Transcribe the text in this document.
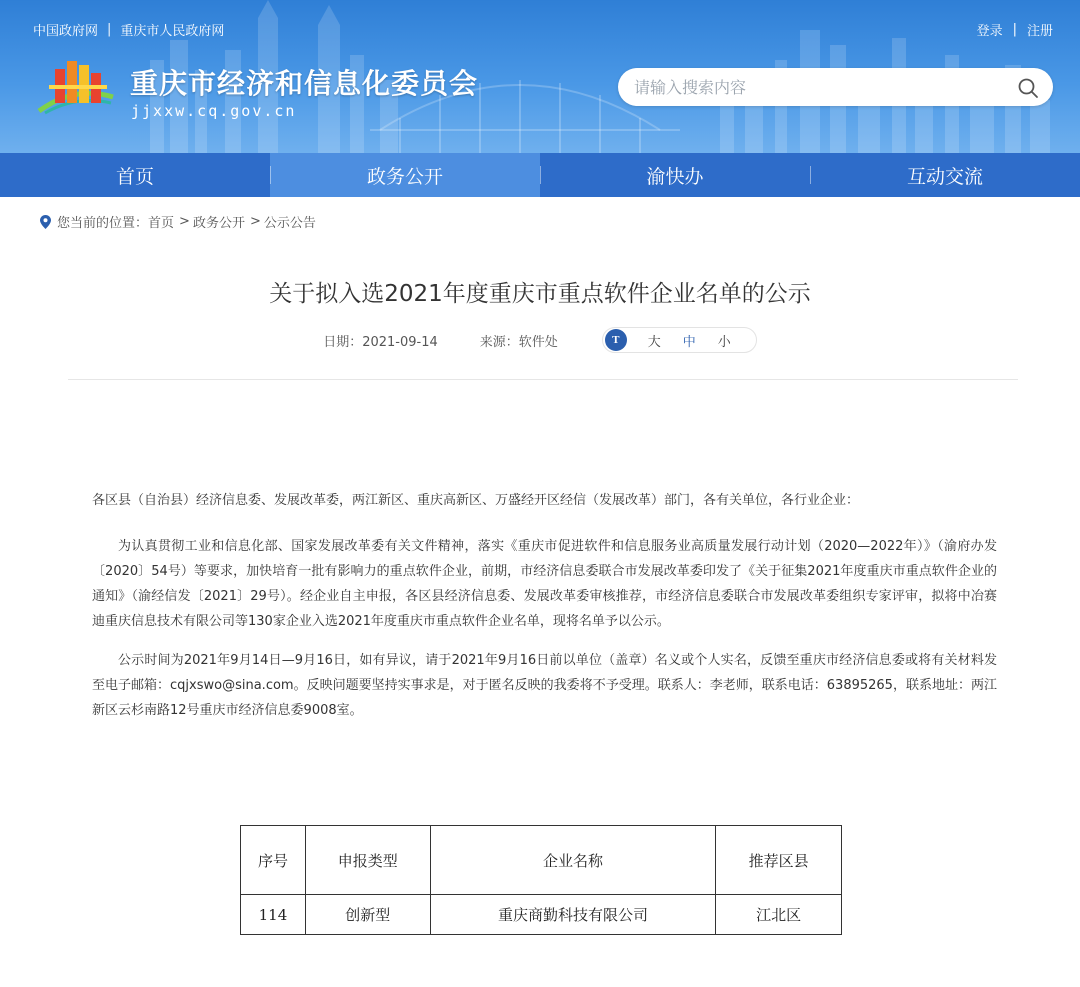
中国政府网 | 重庆市人民政府网	登录 | 注册
重庆市经济和信息化委员会
jjxxw.cq.gov.cn
请输入搜索内容
首页	政务公开	渝快办	互动交流
您当前的位置： 首页 > 政务公开 > 公示公告
关于拟入选2021年度重庆市重点软件企业名单的公示
日期：2021-09-14	来源：软件处	T	大 中 小

各区县（自治县）经济信息委、发展改革委，两江新区、重庆高新区、万盛经开区经信（发展改革）部门，各有关单位，各行业企业：

为认真贯彻工业和信息化部、国家发展改革委有关文件精神，落实《重庆市促进软件和信息服务业高质量发展行动计划（2020—2022年）》（渝府办发〔2020〕54号）等要求，加快培育一批有影响力的重点软件企业，前期，市经济信息委联合市发展改革委印发了《关于征集2021年度重庆市重点软件企业的通知》（渝经信发〔2021〕29号）。经企业自主申报，各区县经济信息委、发展改革委审核推荐，市经济信息委联合市发展改革委组织专家评审，拟将中冶赛迪重庆信息技术有限公司等130家企业入选2021年度重庆市重点软件企业名单，现将名单予以公示。

公示时间为2021年9月14日—9月16日，如有异议，请于2021年9月16日前以单位（盖章）名义或个人实名，反馈至重庆市经济信息委或将有关材料发至电子邮箱：cqjxswo@sina.com。反映问题要坚持实事求是，对于匿名反映的我委将不予受理。联系人：李老师，联系电话：63895265，联系地址：两江新区云杉南路12号重庆市经济信息委9008室。

序号	申报类型	企业名称	推荐区县
114	创新型	重庆商勤科技有限公司	江北区
